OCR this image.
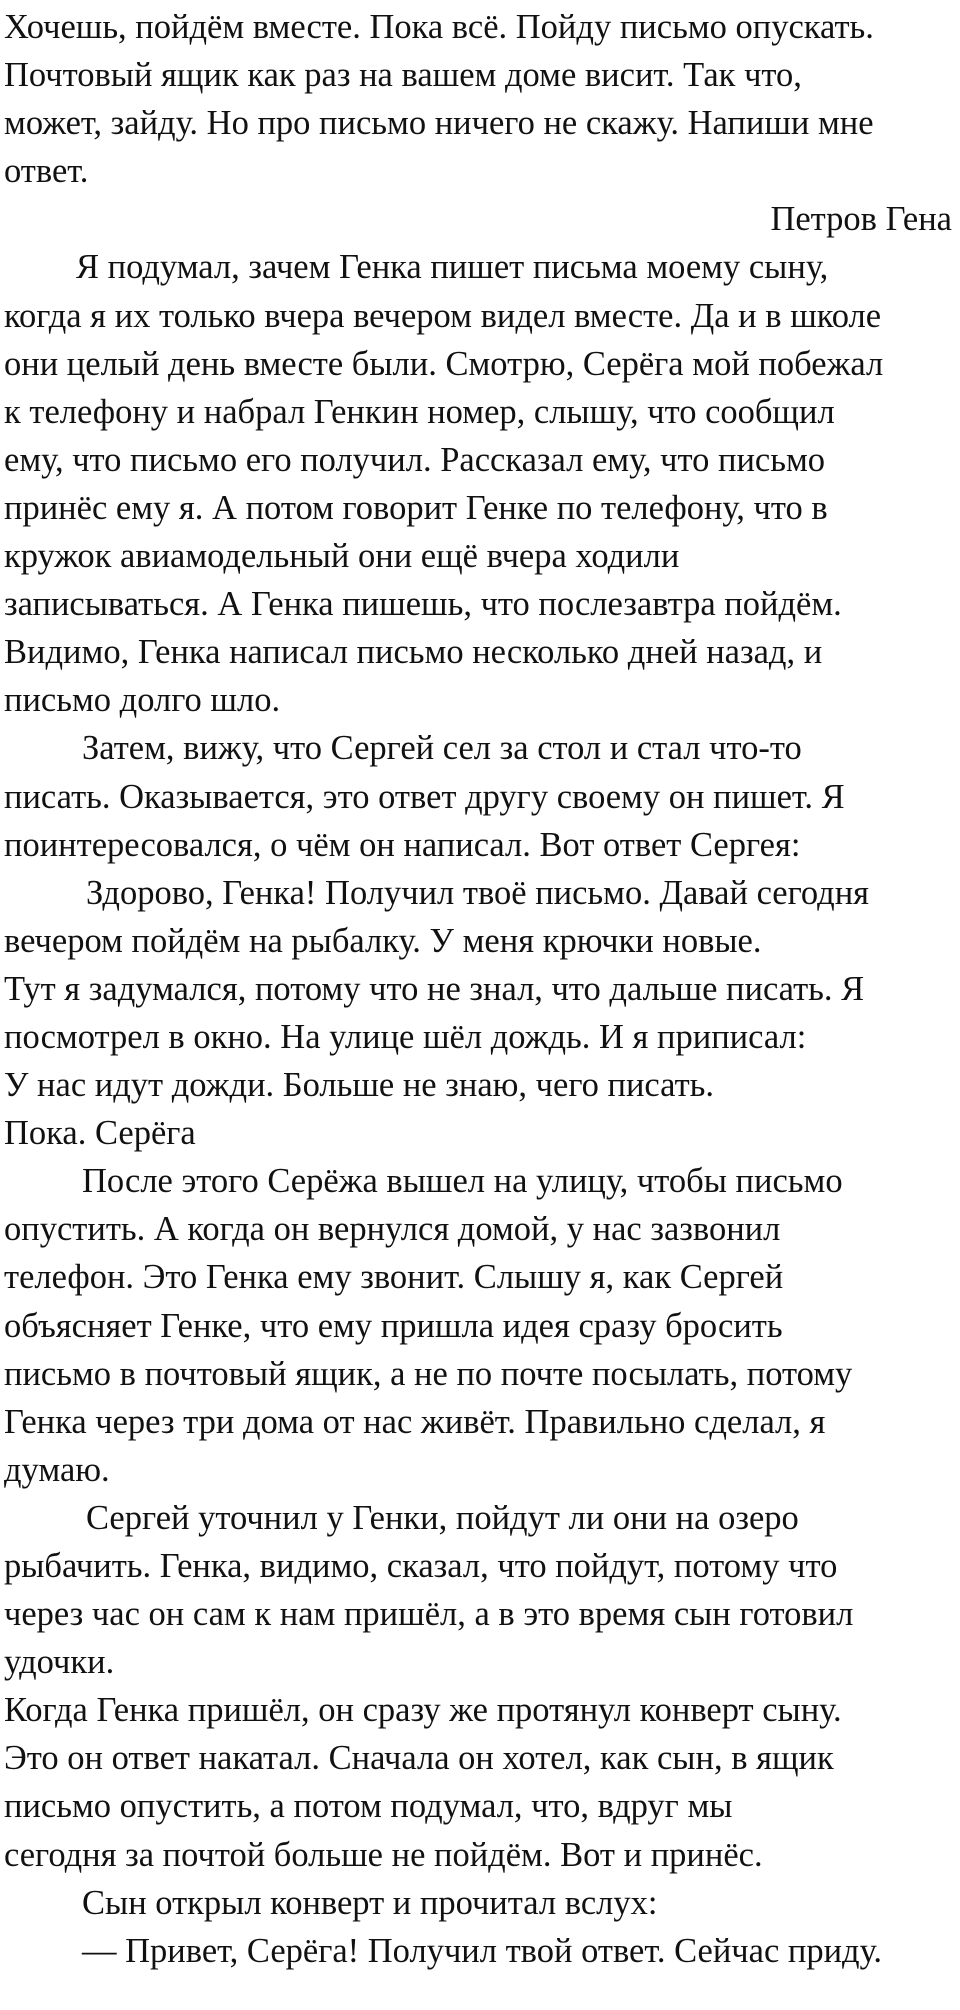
Хочешь, пойдём вместе. Пока всё. Пойду письмо опускать.
Почтовый ящик как раз на вашем доме висит. Так что,
может, зайду. Но про письмо ничего не скажу. Напиши мне
ответ.

Петров Гена

Я подумал, зачем Генка пишет письма моему сыну,
когда я их только вчера вечером видел вместе. Да и в школе
они целый день вместе были. Смотрю, Серёга мой побежал
к телефону и набрал Генкин номер, слышу, что сообщил
ему, что письмо его получил. Рассказал ему, что письмо
принёс ему я. А потом говорит Генке по телефону, что в
кружок авиамодельный они ещё вчера ходили
записываться. А Генка пишешь, что послезавтра пойдём.
Видимо, Генка написал письмо несколько дней назад, и
письмо долго шло.

Затем, вижу, что Сергей сел за стол и стал что-то
писать. Оказывается, это ответ другу своему он пишет. Я
поинтересовался, о чём он написал. Вот ответ Сергея:

Здорово, Генка! Получил твоё письмо. Давай сегодня
вечером пойдём на рыбалку. У меня крючки новые.

Тут я задумался, потому что не знал, что дальше писать. Я
посмотрел в окно. На улице шёл дождь. И я приписал:
У нас идут дожди. Больше не знаю, чего писать.
Пока. Серёга

После этого Серёжа вышел на улицу, чтобы письмо
опустить. А когда он вернулся домой, у нас зазвонил
телефон. Это Генка ему звонит. Слышу я, как Сергей
объясняет Генке, что ему пришла идея сразу бросить
письмо в почтовый ящик, а не по почте посылать, потому
Генка через три дома от нас живёт. Правильно сделал, я
думаю.

Сергей уточнил у Генки, пойдут ли они на озеро
рыбачить. Генка, видимо, сказал, что пойдут, потому что
через час он сам к нам пришёл, а в это время сын готовил
удочки.

Когда Генка пришёл, он сразу же протянул конверт сыну.
Это он ответ накатал. Сначала он хотел, как сын, в ящик
письмо опустить, а потом подумал, что, вдруг мы
сегодня за почтой больше не пойдём. Вот и принёс.

Сын открыл конверт и прочитал вслух:

— Привет, Серёга! Получил твой ответ. Сейчас приду.
